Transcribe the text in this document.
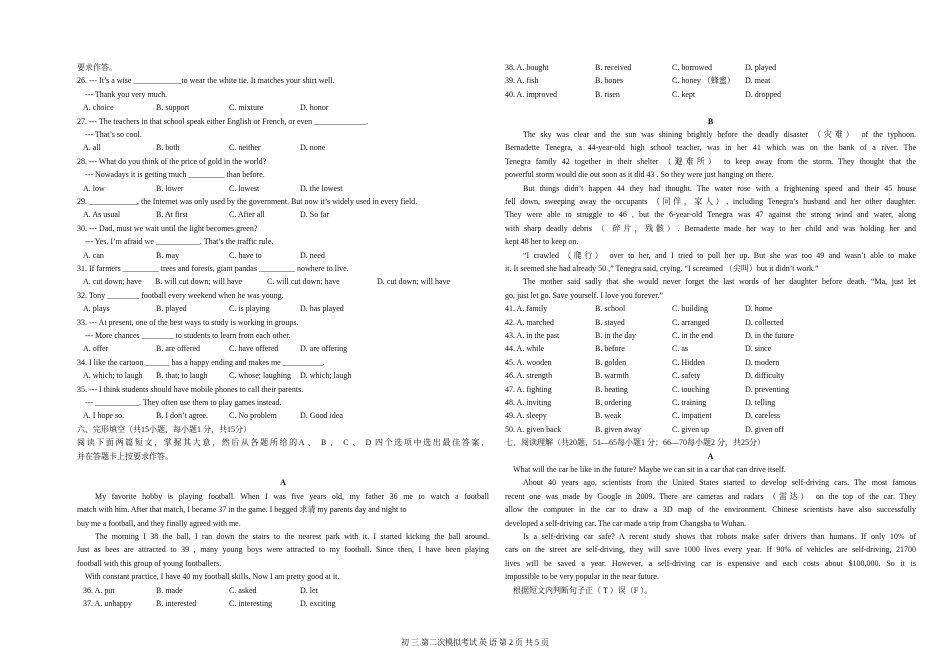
要求作答。
26. --- It’s a wise ____________to wear the white tie. It matches your shirt well.
--- Thank you very much.
A. choice	B. support	C. mixture	D. honor
27. --- The teachers in that school speak either English or French, or even _____________.
--- That’s so cool.
A. all	B. both	C. neither	D. none
28. --- What do you think of the price of gold in the world?
--- Nowadays it is getting much _________ than before.
A. low	B. lower	C. lowest	D. the lowest
29. ____________, the Internet was only used by the government. But now it’s widely used in every field.
A. As usual	B. At first	C. After all	D. So far
30. --- Dad, must we wait until the light becomes green?
--- Yes. I’m afraid we ___________. That’s the traffic rule.
A. can	B. may	C. have to	D. need
31. If farmers _________ trees and forests, giant pandas _________ nowhere to live.
A. cut down; have B. will cut down; will have	C. will cut down; have	D. cut down; will have
32. Tony ________ football every weekend when he was young.
A. plays	B. played	C. is playing	D. has played
33. --- At present, one of the best ways to study is working in groups.
--- More chances ________ to students to learn from each other.
A. offer	B. are offered	C. have offered	D. are offering
34. I like the cartoon ______ has a happy ending and makes me __________.
A. which; to laugh B. that; to laugh	C. whose; laughing D. which; laugh
35. --- I think students should have mobile phones to call their parents.
--- ___________. They often use them to play games instead.
A. I hope so.	B. I don’t agree.	C. No problem	D. Good idea
六、完形填空（共15小题，每小题1 分，共15分）
阅读下面两篇短文，掌握其大意，然后从各题所给的A 、 B 、 C 、 D 四个选项中选出最佳答案，
并在答题卡上按要求作答。
A
My favorite hobby is playing football. When I was five years old, my father 36 me to watch a football
match with him. After that match, I became 37 in the game. I begged 求请 my parents day and night to
buy me a football, and they finally agreed with me.
The morning I 38 the ball, I ran down the stairs to the nearest park with it. I started kicking the ball around.
Just as bees are attracted to 39 , many young boys were attracted to my football. Since then, I have been playing
football with this group of young footballers.
With constant practice, I have 40 my football skills. Now I am pretty good at it.
36. A. put	B. made	C. asked	D. let
37. A. unhappy	B. interested	C. interesting	D. exciting
38. A. bought	B. received	C. borrowed	D. played
39. A. fish	B. bones	C. honey （蜂蜜） D. meat
40. A. improved	B. risen	C. kept	D. dropped
B
The sky was clear and the sun was shining brightly before the deadly disaster （灾难） of the typhoon.
Bernadette Tenegra, a 44-year-old high school teacher, was in her 41 which was on the bank of a river. The
Tenegra family 42 together in their shelter （避难所） to keep away from the storm. They thought that the
powerful storm would die out soon as it did 43 . So they were just hanging on there.
But things didn’t happen 44 they had thought. The water rose with a frightening speed and their 45 house
fell down, sweeping away the occupants （同伴，家人）, including Tenegra’s husband and her other daughter.
They were able to struggle to 46 , but the 6-year-old Tenegra was 47 against the strong wind and water, along
with sharp deadly debris （ 碎片，残骸）. Bernadette made her way to her child and was holding her and
kept 48 her to keep on.
“I crawled （爬行） over to her, and I tried to pull her up. But she was too 49 and wasn’t able to make
it. It seemed she had already 50 ,” Tenegra said, crying. “I screamed （尖叫）but it didn’t work.”
The mother said sadly that she would never forget the last words of her daughter before death. “Ma, just let
go, just let go. Save yourself. I love you forever.”
41. A. family	B. school	C. building	D. home
42. A. marched	B. stayed	C. arranged	D. collected
43. A. in the past	B. in the day	C. in the end	D. in the future
44. A. while	B. before	C. as	D. since
45. A. wooden	B. golden	C. Hidden	D. modern
46. A. strength	B. warmth	C. safety	D. difficulty
47. A. fighting	B. beating	C. touching	D. preventing
48. A. inviting	B. ordering	C. training	D. telling
49. A. sleepy	B. weak	C. impatient	D. careless
50. A. given back	B. given away	C. given up	D. given off
七、阅读理解（共20题，51—65每小题1 分；66—70每小题2 分，共25分）
A
What will the car be like in the future? Maybe we can sit in a car that can drive itself.
About 40 years ago, scientists from the United States started to develop self-driving cars. The most famous
recent one was made by Google in 2009. There are cameras and radars （雷达） on the top of the car. They
allow the computer in the car to draw a 3D map of the environment. Chinese scientists have also successfully
developed a self-driving car. The car made a trip from Changsha to Wuhan.
Is a self-driving car safe? A recent study shows that robots make safer drivers than humans. If only 10% of
cars on the street are self-driving, they will save 1000 lives every year. If 90% of vehicles are self-driving, 21700
lives will be saved a year. However, a self-driving car is expensive and each costs about $100,000. So it is
impossible to be very popular in the near future.
根据短文内判断句子正（ T ）误（F ）。
初 三 第二次模拟考试 英 语 第 2 页 共 5 页
